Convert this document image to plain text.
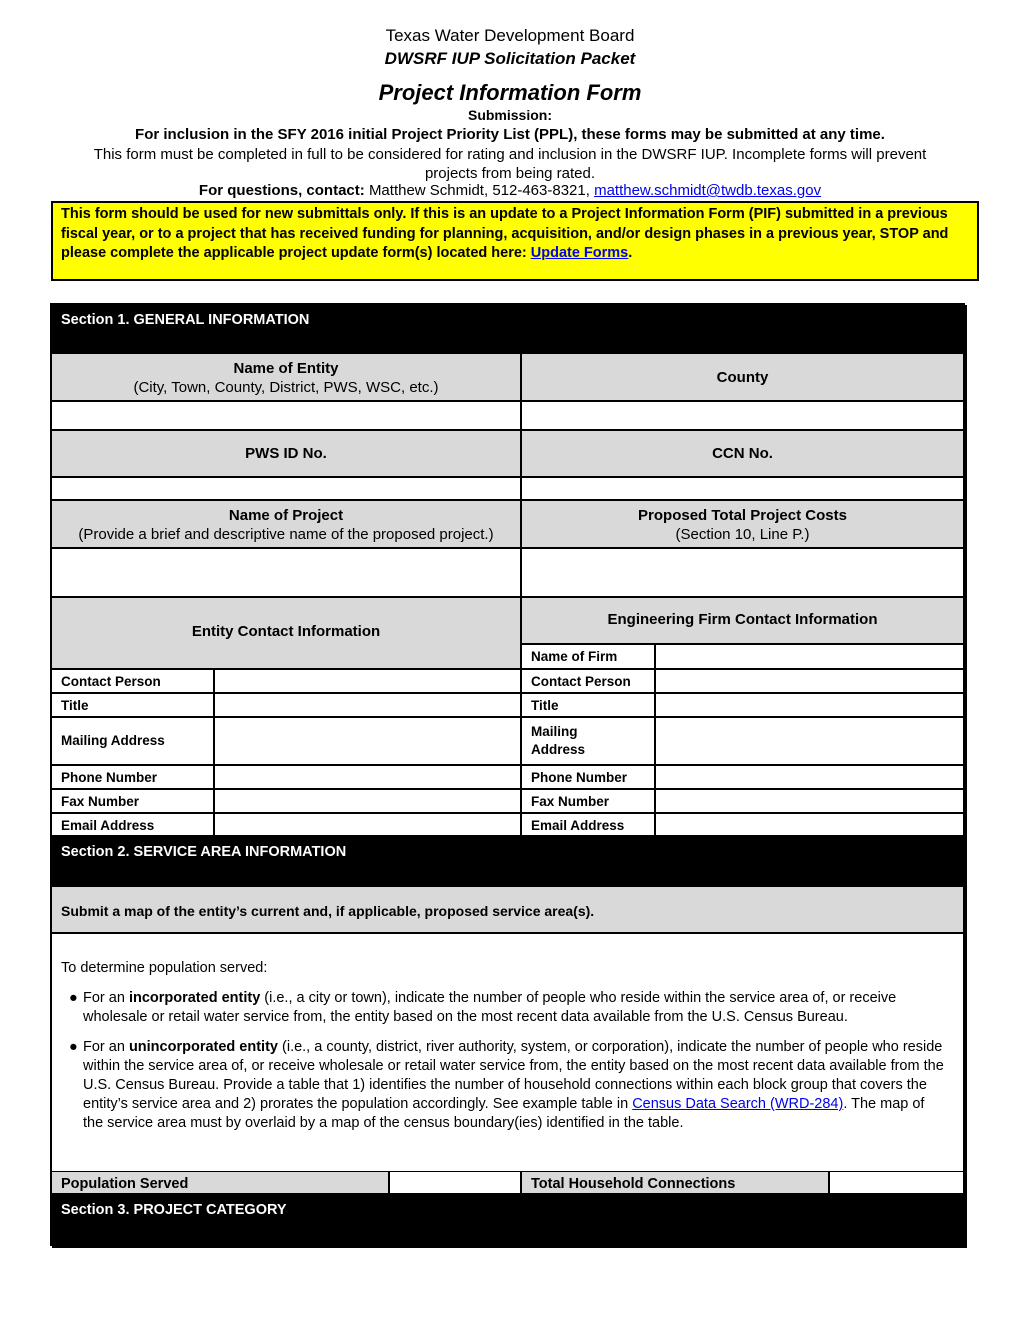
Texas Water Development Board
DWSRF IUP Solicitation Packet
Project Information Form
Submission:
For inclusion in the SFY 2016 initial Project Priority List (PPL), these forms may be submitted at any time.
This form must be completed in full to be considered for rating and inclusion in the DWSRF IUP. Incomplete forms will prevent projects from being rated.
For questions, contact: Matthew Schmidt, 512-463-8321, matthew.schmidt@twdb.texas.gov
This form should be used for new submittals only. If this is an update to a Project Information Form (PIF) submitted in a previous fiscal year, or to a project that has received funding for planning, acquisition, and/or design phases in a previous year, STOP and please complete the applicable project update form(s) located here: Update Forms.
Section 1. GENERAL INFORMATION
Name of Entity
(City, Town, County, District, PWS, WSC, etc.)
County
PWS ID No.	CCN No.
Name of Project
(Provide a brief and descriptive name of the proposed project.)
Proposed Total Project Costs
(Section 10, Line P.)
Entity Contact Information
Engineering Firm Contact Information
Name of Firm
Contact Person
Title
Mailing Address
Phone Number
Fax Number
Email Address
Contact Person
Title
Mailing
Address
Phone Number
Fax Number
Email Address
Section 2. SERVICE AREA INFORMATION
Submit a map of the entity’s current and, if applicable, proposed service area(s).
To determine population served:
● For an incorporated entity (i.e., a city or town), indicate the number of people who reside within the service area of, or receive wholesale or retail water service from, the entity based on the most recent data available from the U.S. Census Bureau.
● For an unincorporated entity (i.e., a county, district, river authority, system, or corporation), indicate the number of people who reside within the service area of, or receive wholesale or retail water service from, the entity based on the most recent data available from the U.S. Census Bureau. Provide a table that 1) identifies the number of household connections within each block group that covers the entity’s service area and 2) prorates the population accordingly. See example table in Census Data Search (WRD-284). The map of the service area must by overlaid by a map of the census boundary(ies) identified in the table.
Population Served	Total Household Connections
Section 3. PROJECT CATEGORY
